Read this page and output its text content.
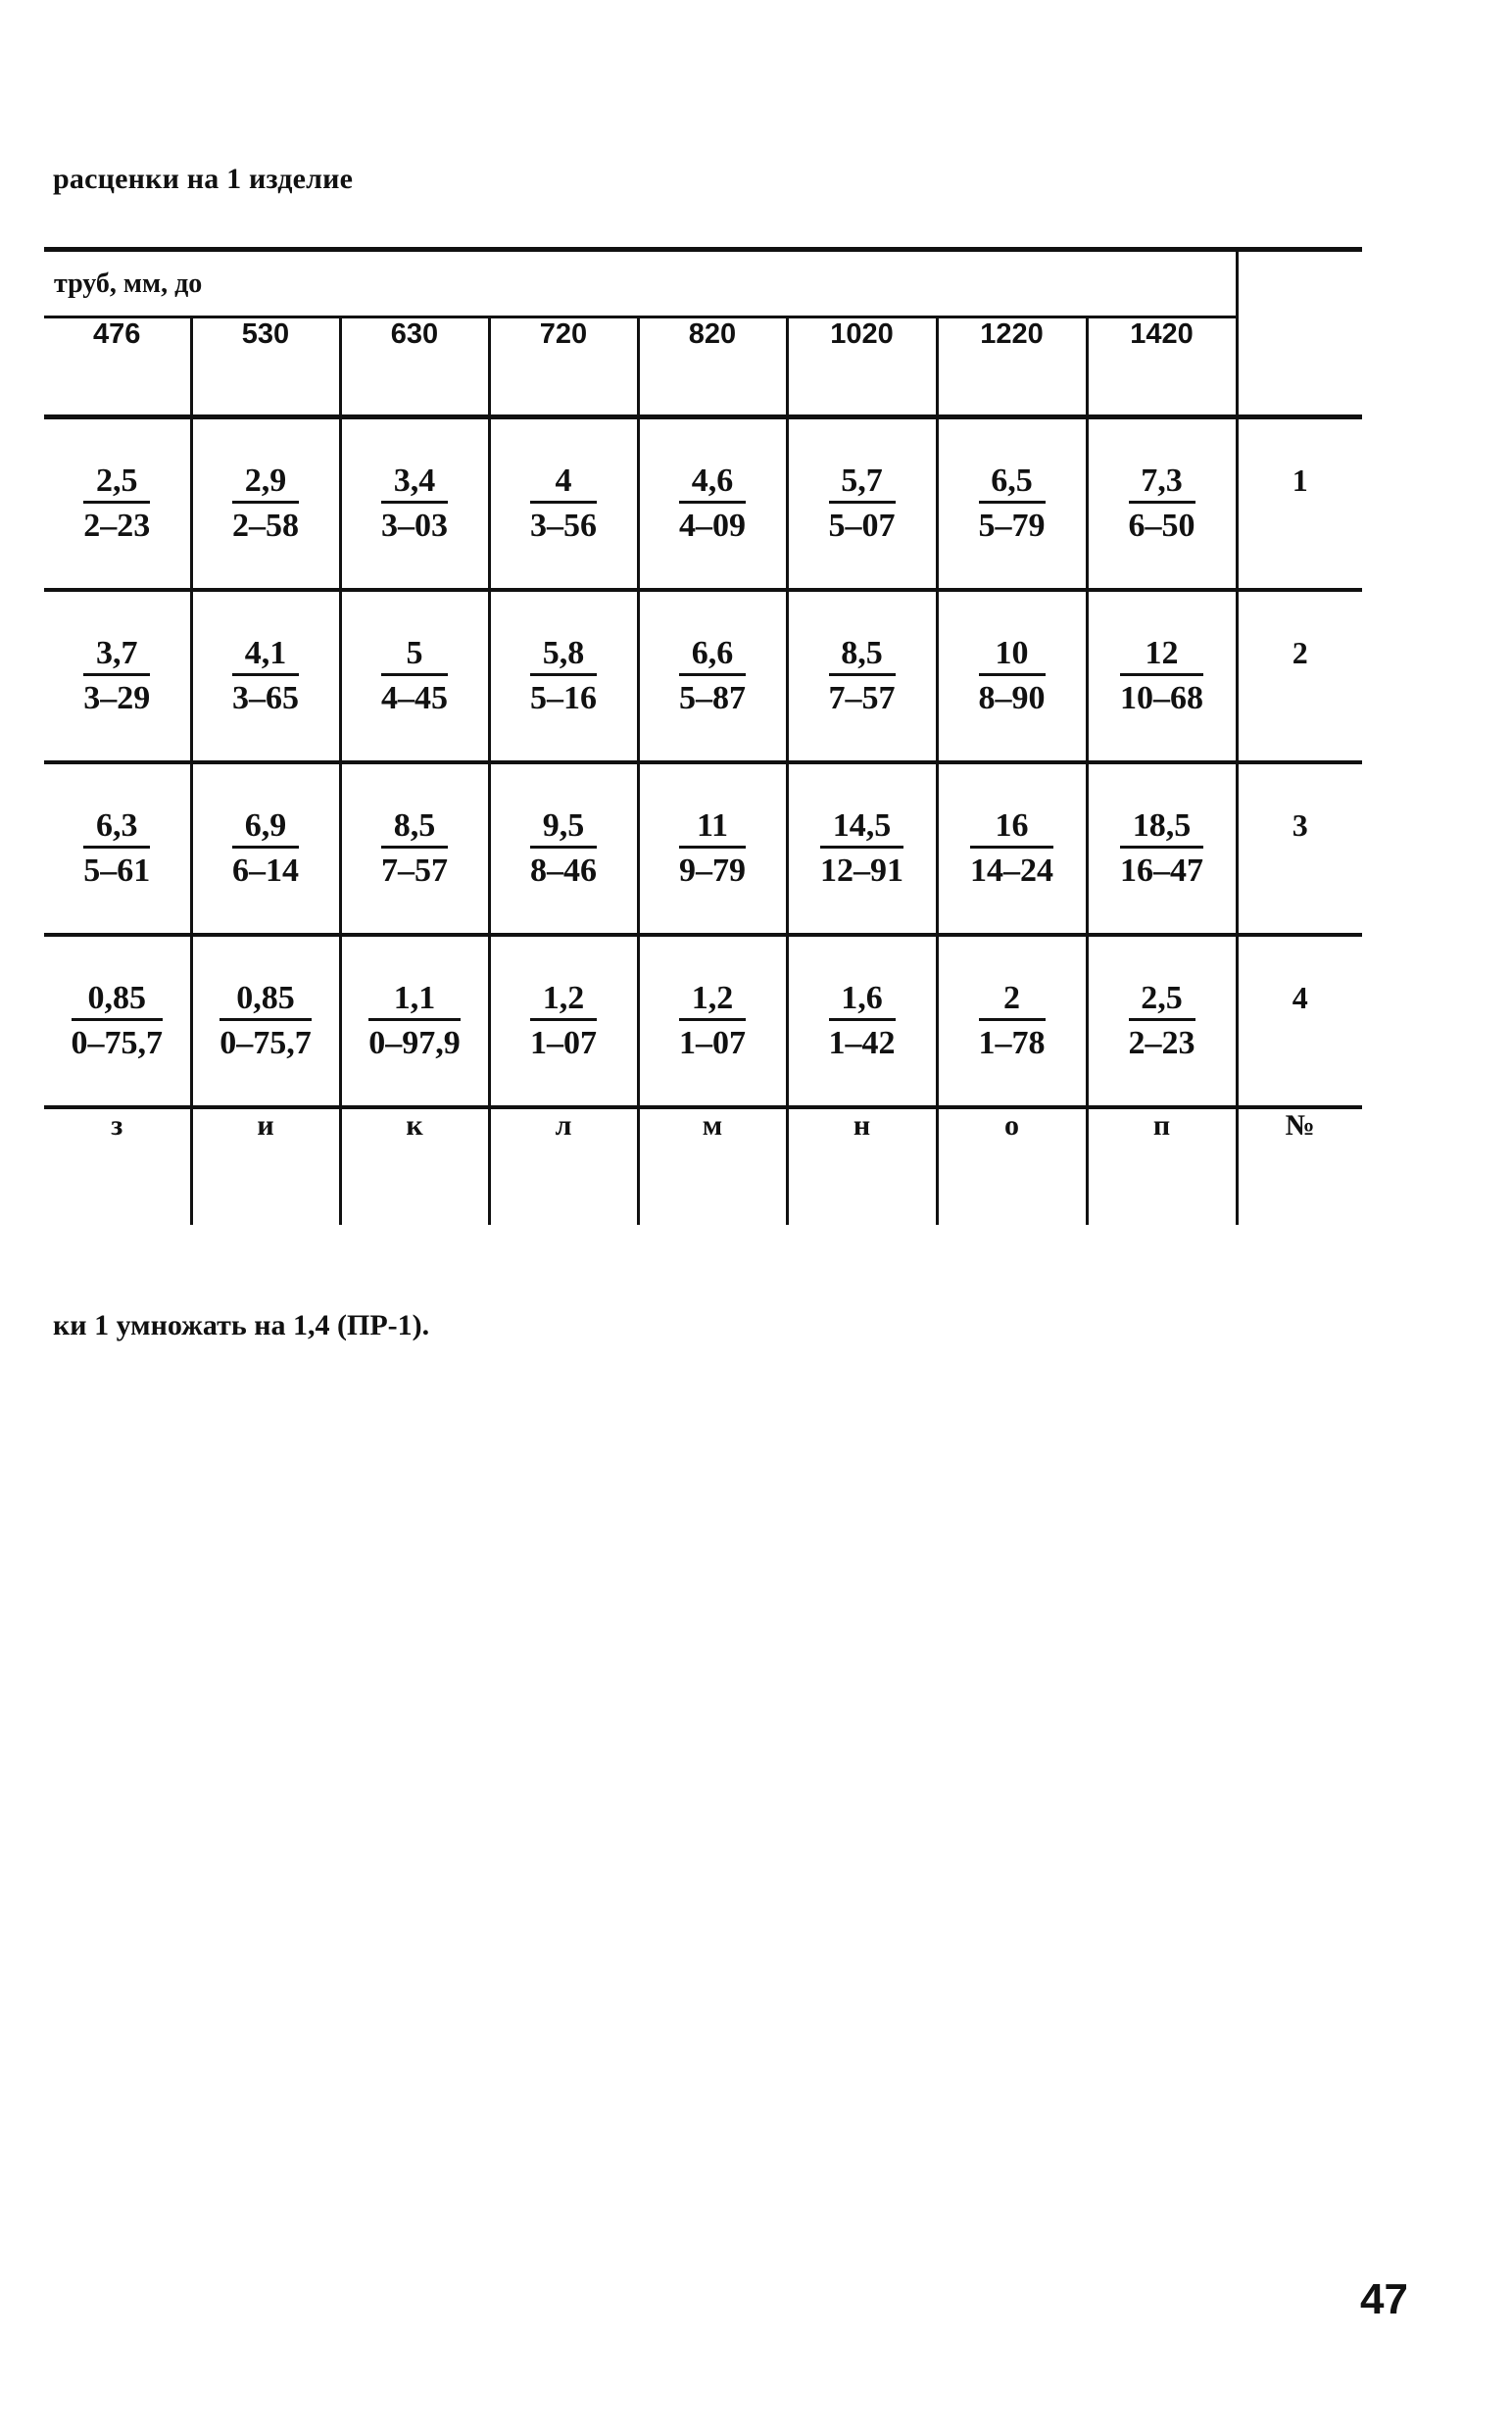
расценки на 1 изделие
труб, мм, до								
476	530	630	720	820	1020	1220	1420	

$\frac{2,5}{2-23}$	$\frac{2,9}{2-58}$	$\frac{3,4}{3-03}$	$\frac{4}{3-56}$	$\frac{4,6}{4-09}$	$\frac{5,7}{5-07}$	$\frac{6,5}{5-79}$	$\frac{7,3}{6-50}$	1

$\frac{3,7}{3-29}$	$\frac{4,1}{3-65}$	$\frac{5}{4-45}$	$\frac{5,8}{5-16}$	$\frac{6,6}{5-87}$	$\frac{8,5}{7-57}$	$\frac{10}{8-90}$	$\frac{12}{10-68}$	2

$\frac{6,3}{5-61}$	$\frac{6,9}{6-14}$	$\frac{8,5}{7-57}$	$\frac{9,5}{8-46}$	$\frac{11}{9-79}$	$\frac{14,5}{12-91}$	$\frac{16}{14-24}$	$\frac{18,5}{16-47}$	3

$\frac{0,85}{0-75,7}$	$\frac{0,85}{0-75,7}$	$\frac{1,1}{0-97,9}$	$\frac{1,2}{1-07}$	$\frac{1,2}{1-07}$	$\frac{1,6}{1-42}$	$\frac{2}{1-78}$	$\frac{2,5}{2-23}$	4

з	и	к	л	м	н	о	п	№
ки 1 умножать на 1,4 (ПР-1).
47
